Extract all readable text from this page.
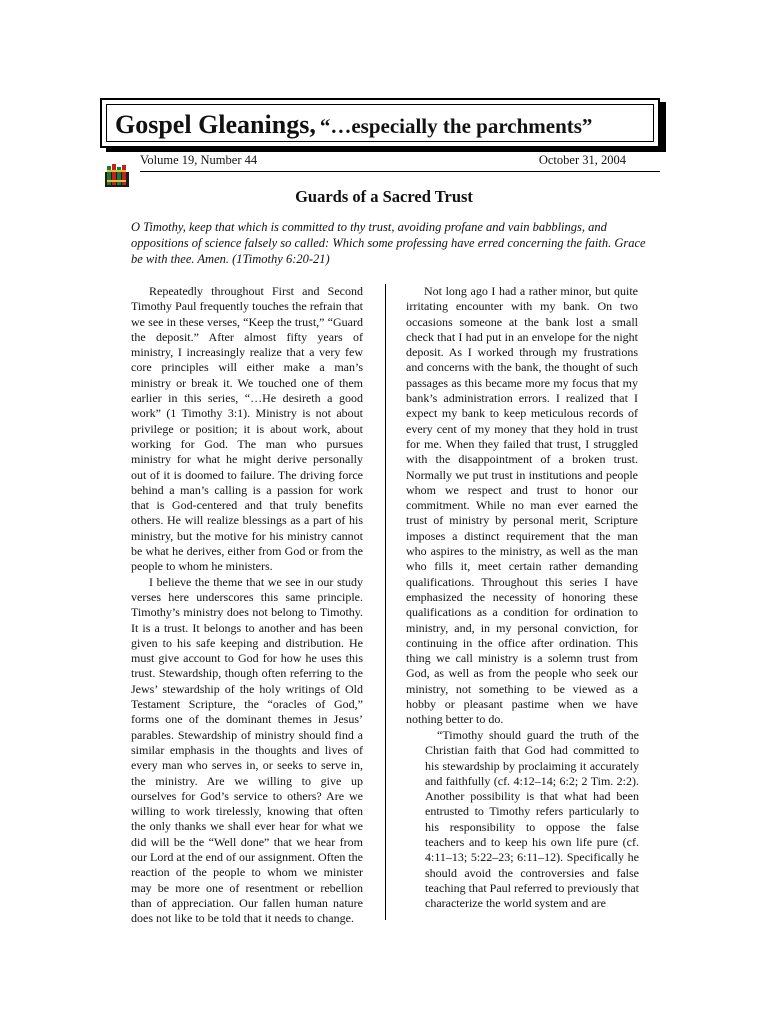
Gospel Gleanings, “…especially the parchments”
Volume 19, Number 44	October 31, 2004
Guards of a Sacred Trust
O Timothy, keep that which is committed to thy trust, avoiding profane and vain babblings, and oppositions of science falsely so called: Which some professing have erred concerning the faith. Grace be with thee. Amen. (1Timothy 6:20-21)

Repeatedly throughout First and Second Timothy Paul frequently touches the refrain that we see in these verses, “Keep the trust,” “Guard the deposit.” After almost fifty years of ministry, I increasingly realize that a very few core principles will either make a man’s ministry or break it. We touched one of them earlier in this series, “…He desireth a good work” (1 Timothy 3:1). Ministry is not about privilege or position; it is about work, about working for God. The man who pursues ministry for what he might derive personally out of it is doomed to failure. The driving force behind a man’s calling is a passion for work that is God-centered and that truly benefits others. He will realize blessings as a part of his ministry, but the motive for his ministry cannot be what he derives, either from God or from the people to whom he ministers.

I believe the theme that we see in our study verses here underscores this same principle. Timothy’s ministry does not belong to Timothy. It is a trust. It belongs to another and has been given to his safe keeping and distribution. He must give account to God for how he uses this trust. Stewardship, though often referring to the Jews’ stewardship of the holy writings of Old Testament Scripture, the “oracles of God,” forms one of the dominant themes in Jesus’ parables. Stewardship of ministry should find a similar emphasis in the thoughts and lives of every man who serves in, or seeks to serve in, the ministry. Are we willing to give up ourselves for God’s service to others? Are we willing to work tirelessly, knowing that often the only thanks we shall ever hear for what we did will be the “Well done” that we hear from our Lord at the end of our assignment. Often the reaction of the people to whom we minister may be more one of resentment or rebellion than of appreciation. Our fallen human nature does not like to be told that it needs to change.

Not long ago I had a rather minor, but quite irritating encounter with my bank. On two occasions someone at the bank lost a small check that I had put in an envelope for the night deposit. As I worked through my frustrations and concerns with the bank, the thought of such passages as this became more my focus that my bank’s administration errors. I realized that I expect my bank to keep meticulous records of every cent of my money that they hold in trust for me. When they failed that trust, I struggled with the disappointment of a broken trust. Normally we put trust in institutions and people whom we respect and trust to honor our commitment. While no man ever earned the trust of ministry by personal merit, Scripture imposes a distinct requirement that the man who aspires to the ministry, as well as the man who fills it, meet certain rather demanding qualifications. Throughout this series I have emphasized the necessity of honoring these qualifications as a condition for ordination to ministry, and, in my personal conviction, for continuing in the office after ordination. This thing we call ministry is a solemn trust from God, as well as from the people who seek our ministry, not something to be viewed as a hobby or pleasant pastime when we have nothing better to do.

“Timothy should guard the truth of the Christian faith that God had committed to his stewardship by proclaiming it accurately and faithfully (cf. 4:12–14; 6:2; 2 Tim. 2:2). Another possibility is that what had been entrusted to Timothy refers particularly to his responsibility to oppose the false teachers and to keep his own life pure (cf. 4:11–13; 5:22–23; 6:11–12). Specifically he should avoid the controversies and false teaching that Paul referred to previously that characterize the world system and are
